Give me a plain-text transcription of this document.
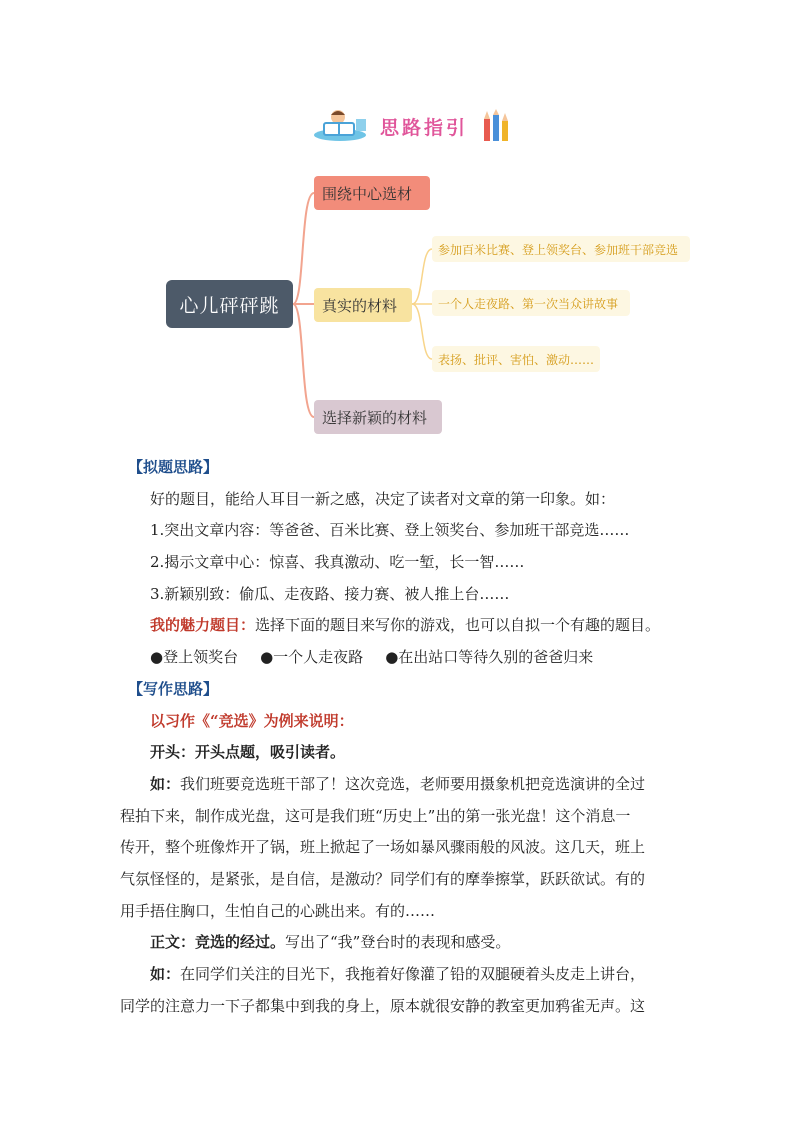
思路指引
心儿砰砰跳
围绕中心选材
真实的材料
选择新颖的材料
参加百米比赛、登上领奖台、参加班干部竞选
一个人走夜路、第一次当众讲故事
表扬、批评、害怕、激动……
【拟题思路】
好的题目，能给人耳目一新之感，决定了读者对文章的第一印象。如：
1.突出文章内容：等爸爸、百米比赛、登上领奖台、参加班干部竞选……
2.揭示文章中心：惊喜、我真激动、吃一堑，长一智……
3.新颖别致：偷瓜、走夜路、接力赛、被人推上台……
我的魅力题目：选择下面的题目来写你的游戏，也可以自拟一个有趣的题目。
●登上领奖台 ●一个人走夜路 ●在出站口等待久别的爸爸归来
【写作思路】
以习作《“竞选》为例来说明：
开头：开头点题，吸引读者。
如：我们班要竞选班干部了！这次竞选，老师要用摄象机把竞选演讲的全过
程拍下来，制作成光盘，这可是我们班“历史上”出的第一张光盘！这个消息一
传开，整个班像炸开了锅，班上掀起了一场如暴风骤雨般的风波。这几天，班上
气氛怪怪的，是紧张，是自信，是激动？同学们有的摩拳擦掌，跃跃欲试。有的
用手捂住胸口，生怕自己的心跳出来。有的……
正文：竞选的经过。写出了“我”登台时的表现和感受。
如：在同学们关注的目光下，我拖着好像灌了铅的双腿硬着头皮走上讲台，
同学的注意力一下子都集中到我的身上，原本就很安静的教室更加鸦雀无声。这
